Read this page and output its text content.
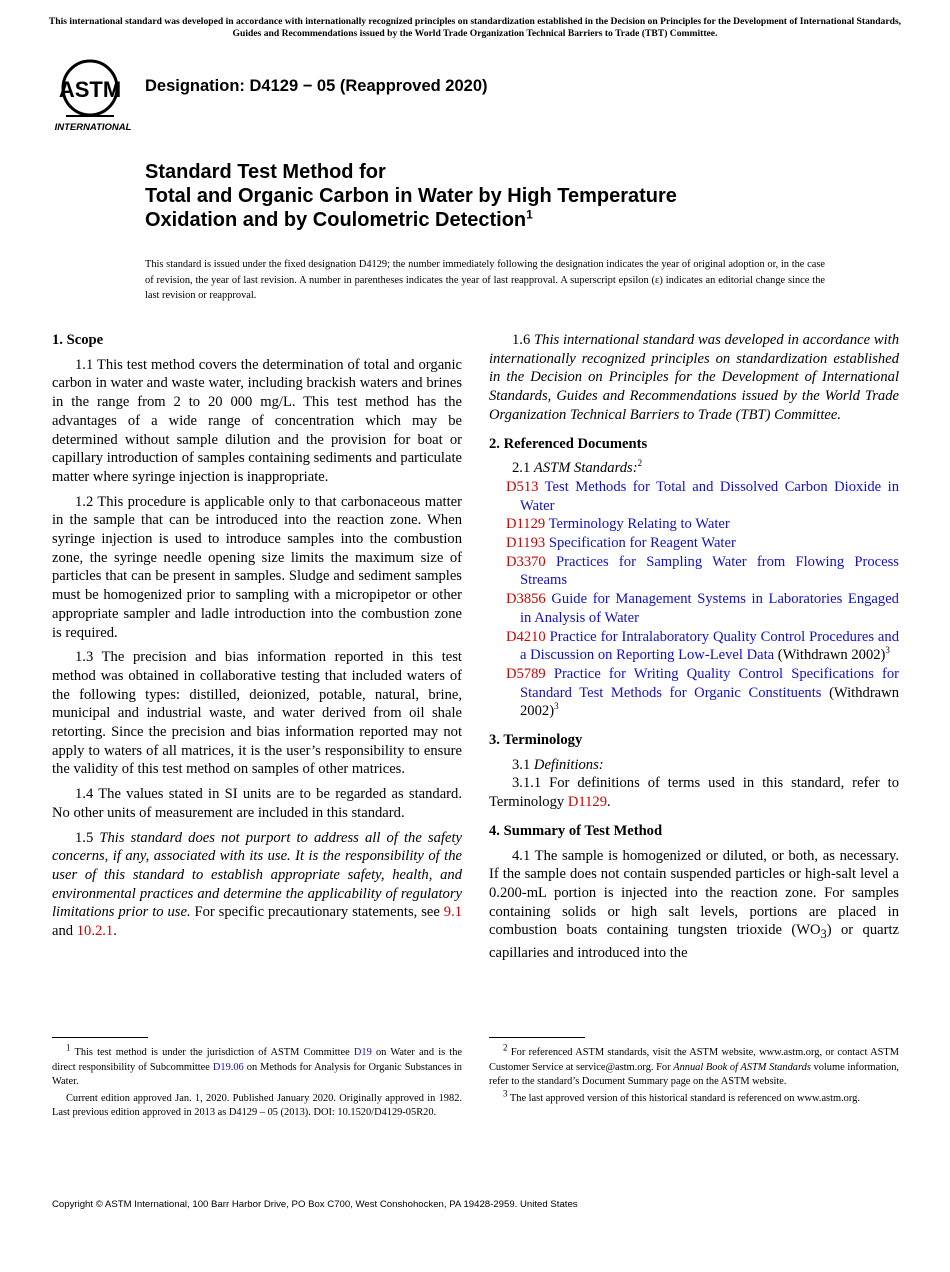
This international standard was developed in accordance with internationally recognized principles on standardization established in the Decision on Principles for the Development of International Standards, Guides and Recommendations issued by the World Trade Organization Technical Barriers to Trade (TBT) Committee.
ASTM
INTERNATIONAL
Designation: D4129 − 05 (Reapproved 2020)
Standard Test Method for
Total and Organic Carbon in Water by High Temperature
Oxidation and by Coulometric Detection$^1$
This standard is issued under the fixed designation D4129; the number immediately following the designation indicates the year of original adoption or, in the case of revision, the year of last revision. A number in parentheses indicates the year of last reapproval. A superscript epsilon (ε) indicates an editorial change since the last revision or reapproval.
1. Scope

1.1 This test method covers the determination of total and organic carbon in water and waste water, including brackish waters and brines in the range from 2 to 20 000 mg/L. This test method has the advantages of a wide range of concentration which may be determined without sample dilution and the provision for boat or capillary introduction of samples containing sediments and particulate matter where syringe injection is inappropriate.

1.2 This procedure is applicable only to that carbonaceous matter in the sample that can be introduced into the reaction zone. When syringe injection is used to introduce samples into the combustion zone, the syringe needle opening size limits the maximum size of particles that can be present in samples. Sludge and sediment samples must be homogenized prior to sampling with a micropipetor or other appropriate sampler and ladle introduction into the combustion zone is required.

1.3 The precision and bias information reported in this test method was obtained in collaborative testing that included waters of the following types: distilled, deionized, potable, natural, brine, municipal and industrial waste, and water derived from oil shale retorting. Since the precision and bias information reported may not apply to waters of all matrices, it is the user’s responsibility to ensure the validity of this test method on samples of other matrices.

1.4 The values stated in SI units are to be regarded as standard. No other units of measurement are included in this standard.

1.5 This standard does not purport to address all of the safety concerns, if any, associated with its use. It is the responsibility of the user of this standard to establish appropriate safety, health, and environmental practices and determine the applicability of regulatory limitations prior to use. For specific precautionary statements, see 9.1 and 10.2.1.

1.6 This international standard was developed in accordance with internationally recognized principles on standardization established in the Decision on Principles for the Development of International Standards, Guides and Recommendations issued by the World Trade Organization Technical Barriers to Trade (TBT) Committee.

2. Referenced Documents

2.1 ASTM Standards:$^2$

D513 Test Methods for Total and Dissolved Carbon Dioxide in Water
D1129 Terminology Relating to Water
D1193 Specification for Reagent Water
D3370 Practices for Sampling Water from Flowing Process Streams
D3856 Guide for Management Systems in Laboratories Engaged in Analysis of Water
D4210 Practice for Intralaboratory Quality Control Procedures and a Discussion on Reporting Low-Level Data (Withdrawn 2002)$^3$
D5789 Practice for Writing Quality Control Specifications for Standard Test Methods for Organic Constituents (Withdrawn 2002)$^3$
3. Terminology

3.1 Definitions:

3.1.1 For definitions of terms used in this standard, refer to Terminology D1129.

4. Summary of Test Method

4.1 The sample is homogenized or diluted, or both, as necessary. If the sample does not contain suspended particles or high-salt level a 0.200-mL portion is injected into the reaction zone. For samples containing solids or high salt levels, portions are placed in combustion boats containing tungsten trioxide $(WO_3)$ or quartz capillaries and introduced into the

$^1$ This test method is under the jurisdiction of ASTM Committee D19 on Water and is the direct responsibility of Subcommittee D19.06 on Methods for Analysis for Organic Substances in Water.

Current edition approved Jan. 1, 2020. Published January 2020. Originally approved in 1982. Last previous edition approved in 2013 as D4129 – 05 (2013). DOI: 10.1520/D4129-05R20.

$^2$ For referenced ASTM standards, visit the ASTM website, www.astm.org, or contact ASTM Customer Service at service@astm.org. For Annual Book of ASTM Standards volume information, refer to the standard’s Document Summary page on the ASTM website.

$^3$ The last approved version of this historical standard is referenced on www.astm.org.

Copyright © ASTM International, 100 Barr Harbor Drive, PO Box C700, West Conshohocken, PA 19428-2959. United States
